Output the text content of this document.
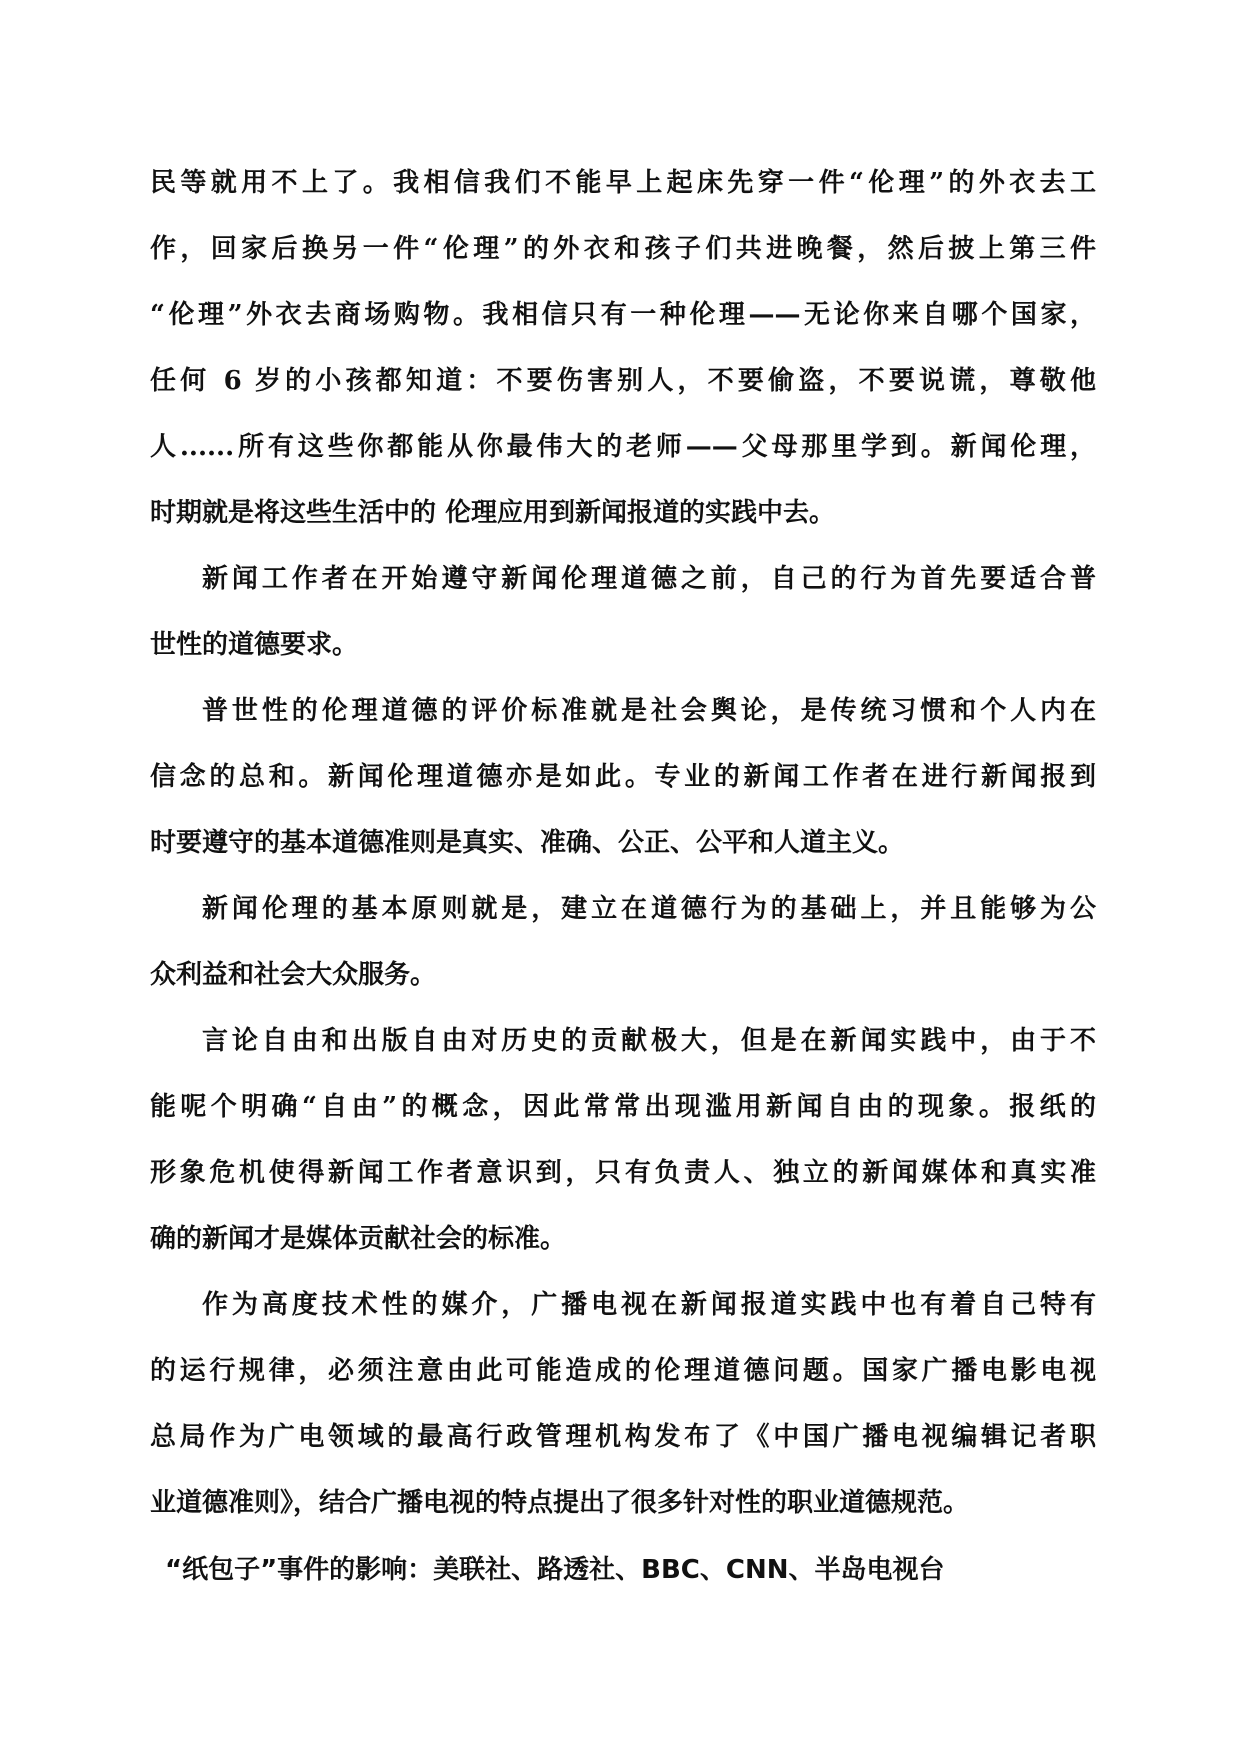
民等就用不上了。我相信我们不能早上起床先穿一件“伦理”的外衣去工
作，回家后换另一件“伦理”的外衣和孩子们共进晚餐，然后披上第三件
“伦理”外衣去商场购物。我相信只有一种伦理——无论你来自哪个国家，
任何 6 岁的小孩都知道：不要伤害别人，不要偷盗，不要说谎，尊敬他
人......所有这些你都能从你最伟大的老师——父母那里学到。新闻伦理，
时期就是将这些生活中的 伦理应用到新闻报道的实践中去。
新闻工作者在开始遵守新闻伦理道德之前，自己的行为首先要适合普
世性的道德要求。
普世性的伦理道德的评价标准就是社会舆论，是传统习惯和个人内在
信念的总和。新闻伦理道德亦是如此。专业的新闻工作者在进行新闻报到
时要遵守的基本道德准则是真实、准确、公正、公平和人道主义。
新闻伦理的基本原则就是，建立在道德行为的基础上，并且能够为公
众利益和社会大众服务。
言论自由和出版自由对历史的贡献极大，但是在新闻实践中，由于不
能呢个明确“自由”的概念，因此常常出现滥用新闻自由的现象。报纸的
形象危机使得新闻工作者意识到，只有负责人、独立的新闻媒体和真实准
确的新闻才是媒体贡献社会的标准。
作为高度技术性的媒介，广播电视在新闻报道实践中也有着自己特有
的运行规律，必须注意由此可能造成的伦理道德问题。国家广播电影电视
总局作为广电领域的最高行政管理机构发布了《中国广播电视编辑记者职
业道德准则》，结合广播电视的特点提出了很多针对性的职业道德规范。
“纸包子”事件的影响：美联社、路透社、BBC、CNN、半岛电视台
